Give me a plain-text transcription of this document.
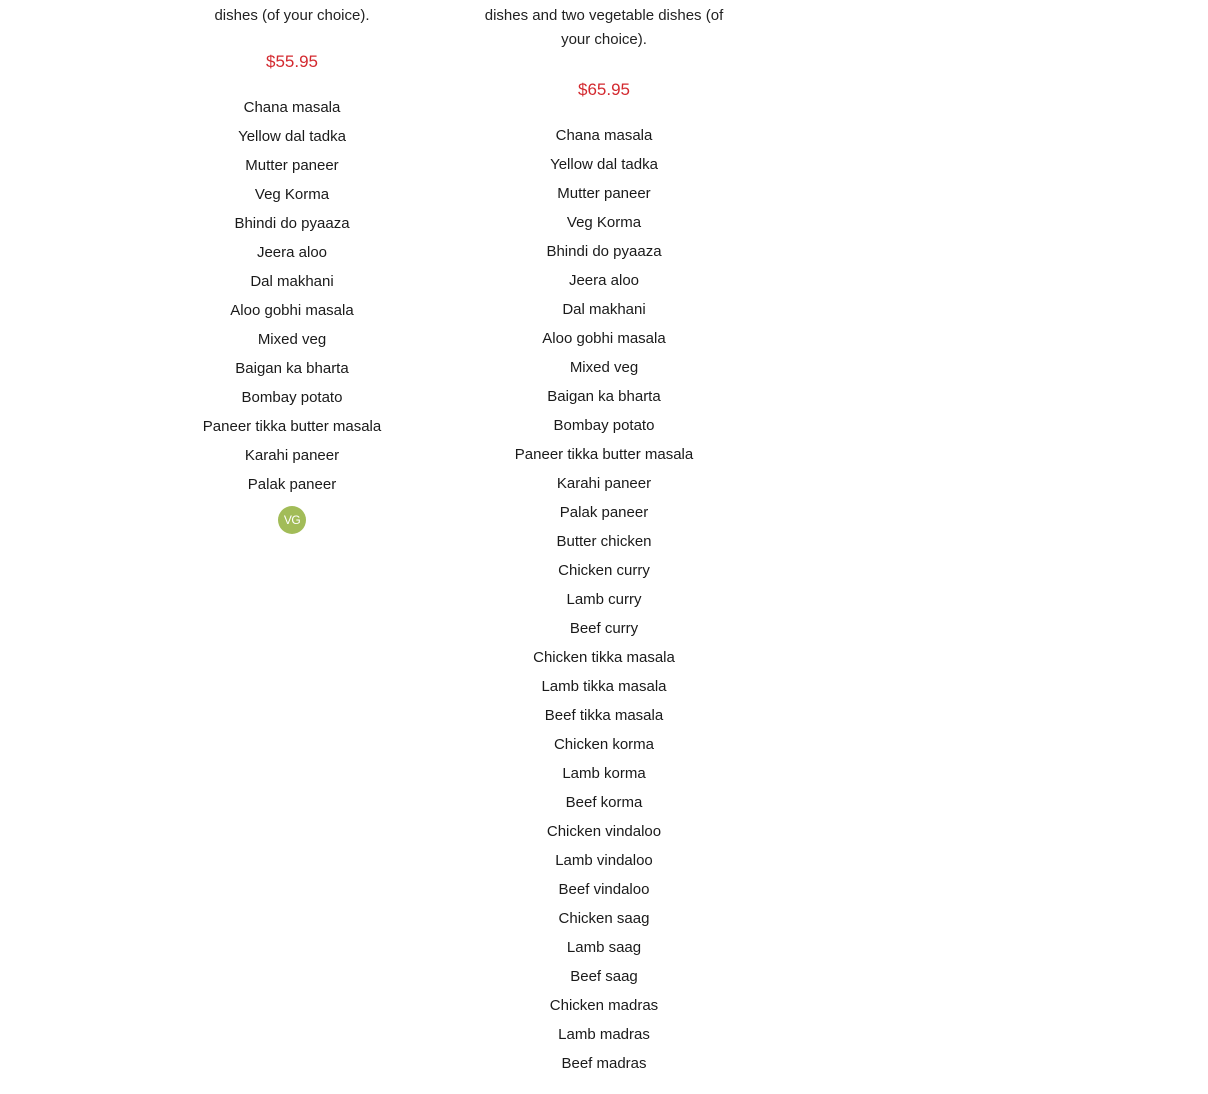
dishes (of your choice).

$55.95

Chana masala
Yellow dal tadka
Mutter paneer
Veg Korma
Bhindi do pyaaza
Jeera aloo
Dal makhani
Aloo gobhi masala
Mixed veg
Baigan ka bharta
Bombay potato
Paneer tikka butter masala
Karahi paneer
Palak paneer
VG

dishes and two vegetable dishes (of
your choice).

$65.95

Chana masala
Yellow dal tadka
Mutter paneer
Veg Korma
Bhindi do pyaaza
Jeera aloo
Dal makhani
Aloo gobhi masala
Mixed veg
Baigan ka bharta
Bombay potato
Paneer tikka butter masala
Karahi paneer
Palak paneer
Butter chicken
Chicken curry
Lamb curry
Beef curry
Chicken tikka masala
Lamb tikka masala
Beef tikka masala
Chicken korma
Lamb korma
Beef korma
Chicken vindaloo
Lamb vindaloo
Beef vindaloo
Chicken saag
Lamb saag
Beef saag
Chicken madras
Lamb madras
Beef madras
